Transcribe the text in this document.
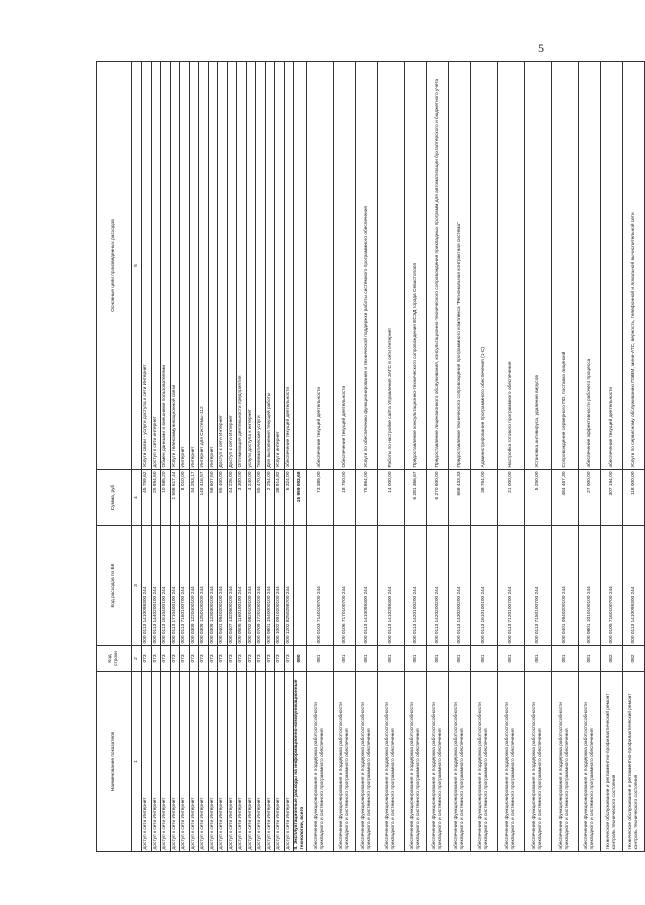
5
Наименование показателя	Код строки	Код расходов по БК	Сумма, руб	Основные цели произведенных расходов
1	2	3	4	5
доступ к сети Интернет	073	000 0113 1410099300 244	45 759,62	Услуги связи - услуги доступа к сети Интернет
доступ к сети Интернет	073	000 0113 1440200100 244	25 994,60	доступ к сети интернет
доступ к сети Интернет	073	000 0113 1610400100 244	10 585,20	Обмен данными и внешними пользователями
доступ к сети Интернет	073	000 0113 1710400100 244	1 598 617,44	Услуги телекоммуникационной связи
доступ к сети Интернет	073	000 0113 7160100700 244	8 010,00	Интернет
доступ к сети Интернет	073	000 0309 1220400100 244	34 253,17	Интернет
доступ к сети Интернет	073	000 0309 1250100200 244	149 416,57	Интернет для Системы-112
доступ к сети Интернет	073	000 0309 1230300100 244	58 607,50	Интернет
доступ к сети Интернет	073	000 0401 0940200100 244	65 400,00	Доступ к сети Интернет
доступ к сети Интернет	073	000 0407 1320600100 244	44 226,00	Доступ к сети Интернет
доступ к сети Интернет	073	000 0505 1160100100 244	3 300,00	Оптимизация деятельности предприятия
доступ к сети Интернет	073	000 0702 0820100100 244	4 240,00	услуги доступа к интернет
доступ к сети Интернет	073	000 0709 1720100100 244	55 470,00	Телематические услуги
доступ к сети Интернет	073	000 0801 1540000100 244	2 254,00	Для выполнения текущей работы
доступ к сети Интернет	073	000 1002 0910200100 244	38 914,82	Услуги интернет
доступ к сети Интернет	073	000 1202 8250298700 244	6 324,00	обеспечение текущей деятельности
II. Эксплуатационные расходы на информационно-коммуникационные технологии, всего	080		15 959 002,68	
обеспечение функционирования и поддержка работоспособности прикладного и системного программного обеспечения	081	000 0103 7140100700 244	73 389,00	обеспечение текущей деятельности
обеспечение функционирования и поддержка работоспособности прикладного и системного программного обеспечения	081	000 0106 7170100700 244	18 750,00	Обеспечение текущей деятельности
обеспечение функционирования и поддержка работоспособности прикладного и системного программного обеспечения	081	000 0113 1410099300 244	75 864,00	Услуги по обеспечению функционирования и технической поддержки работы системного программного обеспечения
обеспечение функционирования и поддержка работоспособности прикладного и системного программного обеспечения	081	000 0113 1410299300 244	14 000,00	Работы по настройке сайта Управления ЗАГС в сети Интернет
обеспечение функционирования и поддержка работоспособности прикладного и системного программного обеспечения	081	000 0113 1420100200 244	6 281 366,67	Предоставление консультационно-технического сопровождения ЕСЭД города Севастополя
обеспечение функционирования и поддержка работоспособности прикладного и системного программного обеспечения	081	000 0113 1420200200 244	6 270 600,00	Предоставление лицензионного обслуживания, консультационно-технического сопровождения прикладных программ для автоматизации бухгалтерского и бюджетного учета
обеспечение функционирования и поддержка работоспособности прикладного и системного программного обеспечения	081	000 0113 1430200200 244	668 433,33	Предоставление технического сопровождения программного комплекса "Региональная контрактная система"
обеспечение функционирования и поддержка работоспособности прикладного и системного программного обеспечения	081	000 0113 1610100100 244	38 764,00	Администрирование программного обеспечения (1-С)
обеспечение функционирования и поддержка работоспособности прикладного и системного программного обеспечения	081	000 0113 7120100700 244	21 000,00	Настройка готового программного обеспечения
обеспечение функционирования и поддержка работоспособности прикладного и системного программного обеспечения	081	000 0113 7150100700 244	5 250,00	Установка антивируса, удаление вирусов
обеспечение функционирования и поддержка работоспособности прикладного и системного программного обеспечения	081	000 0401 0940200100 244	484 467,30	Сопровождение серверного ПО, поставка лицензий
обеспечение функционирования и поддержка работоспособности прикладного и системного программного обеспечения	081	000 0801 1010100100 244	27 000,00	обеспечение эффективности рабочего процесса
техническое обслуживание и регламентно-профилактический ремонт контроль технического состояния	082	000 0105 7160100700 244	307 194,00	обеспечение текущей деятельности
техническое обслуживание и регламентно-профилактический ремонт контроль технического состояния	082	000 0113 1410099300 244	118 000,00	Услуги по сервисному обслуживанию ПЭВМ, мини-АТС, верность, телефонной и локальной вычислительной сети
